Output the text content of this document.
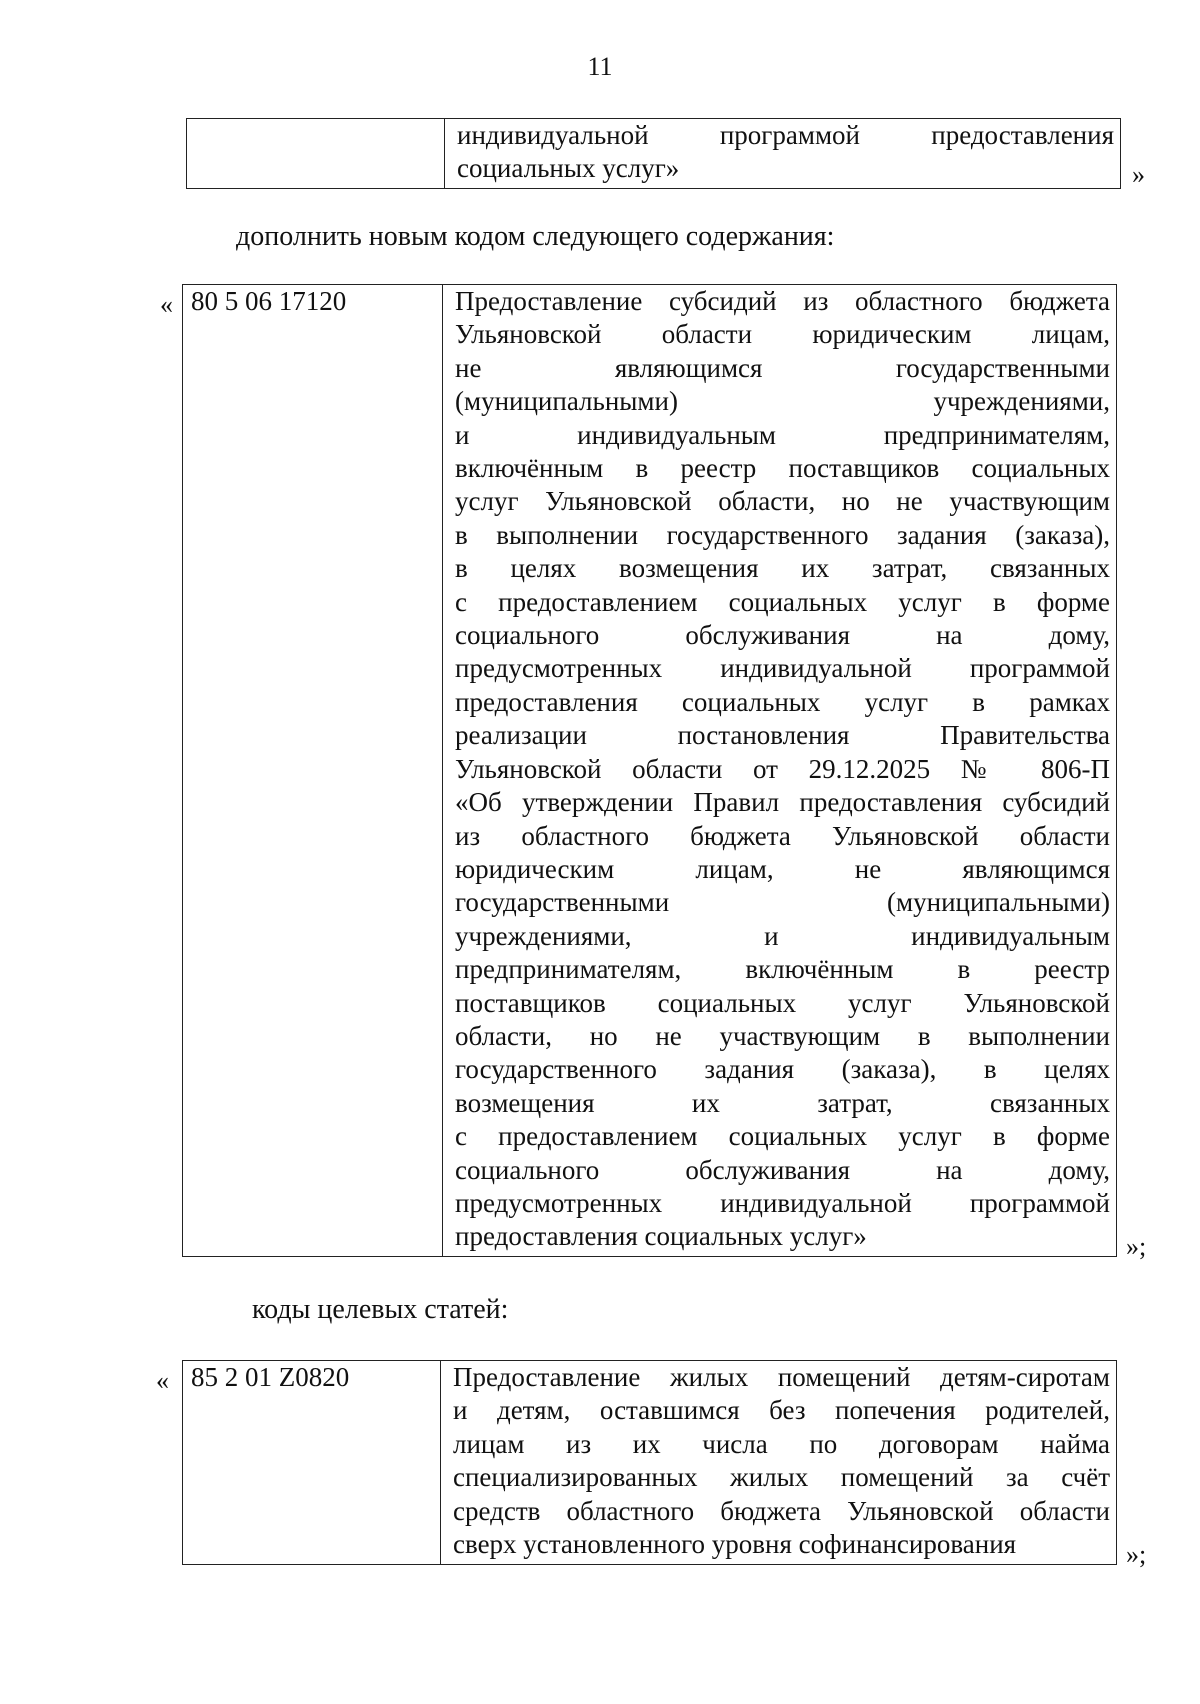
11

индивидуальной программой предоставления
социальных услуг»	»
дополнить новым кодом следующего содержания:
« 80 5 06 17120	Предоставление субсидий из областного бюджета
Ульяновской области юридическим лицам,
не являющимся государственными
(муниципальными) учреждениями,
и индивидуальным предпринимателям,
включённым в реестр поставщиков социальных
услуг Ульяновской области, но не участвующим
в выполнении государственного задания (заказа),
в целях возмещения их затрат, связанных
с предоставлением социальных услуг в форме
социального обслуживания на дому,
предусмотренных индивидуальной программой
предоставления социальных услуг в рамках
реализации постановления Правительства
Ульяновской области от 29.12.2025 № 806-П
«Об утверждении Правил предоставления субсидий
из областного бюджета Ульяновской области
юридическим лицам, не являющимся
государственными (муниципальными)
учреждениями, и индивидуальным
предпринимателям, включённым в реестр
поставщиков социальных услуг Ульяновской
области, но не участвующим в выполнении
государственного задания (заказа), в целях
возмещения их затрат, связанных
с предоставлением социальных услуг в форме
социального обслуживания на дому,
предусмотренных индивидуальной программой
предоставления социальных услуг»	»;
коды целевых статей:
« 85 2 01 Z0820	Предоставление жилых помещений детям-сиротам
и детям, оставшимся без попечения родителей,
лицам из их числа по договорам найма
специализированных жилых помещений за счёт
средств областного бюджета Ульяновской области
сверх установленного уровня софинансирования	»;
